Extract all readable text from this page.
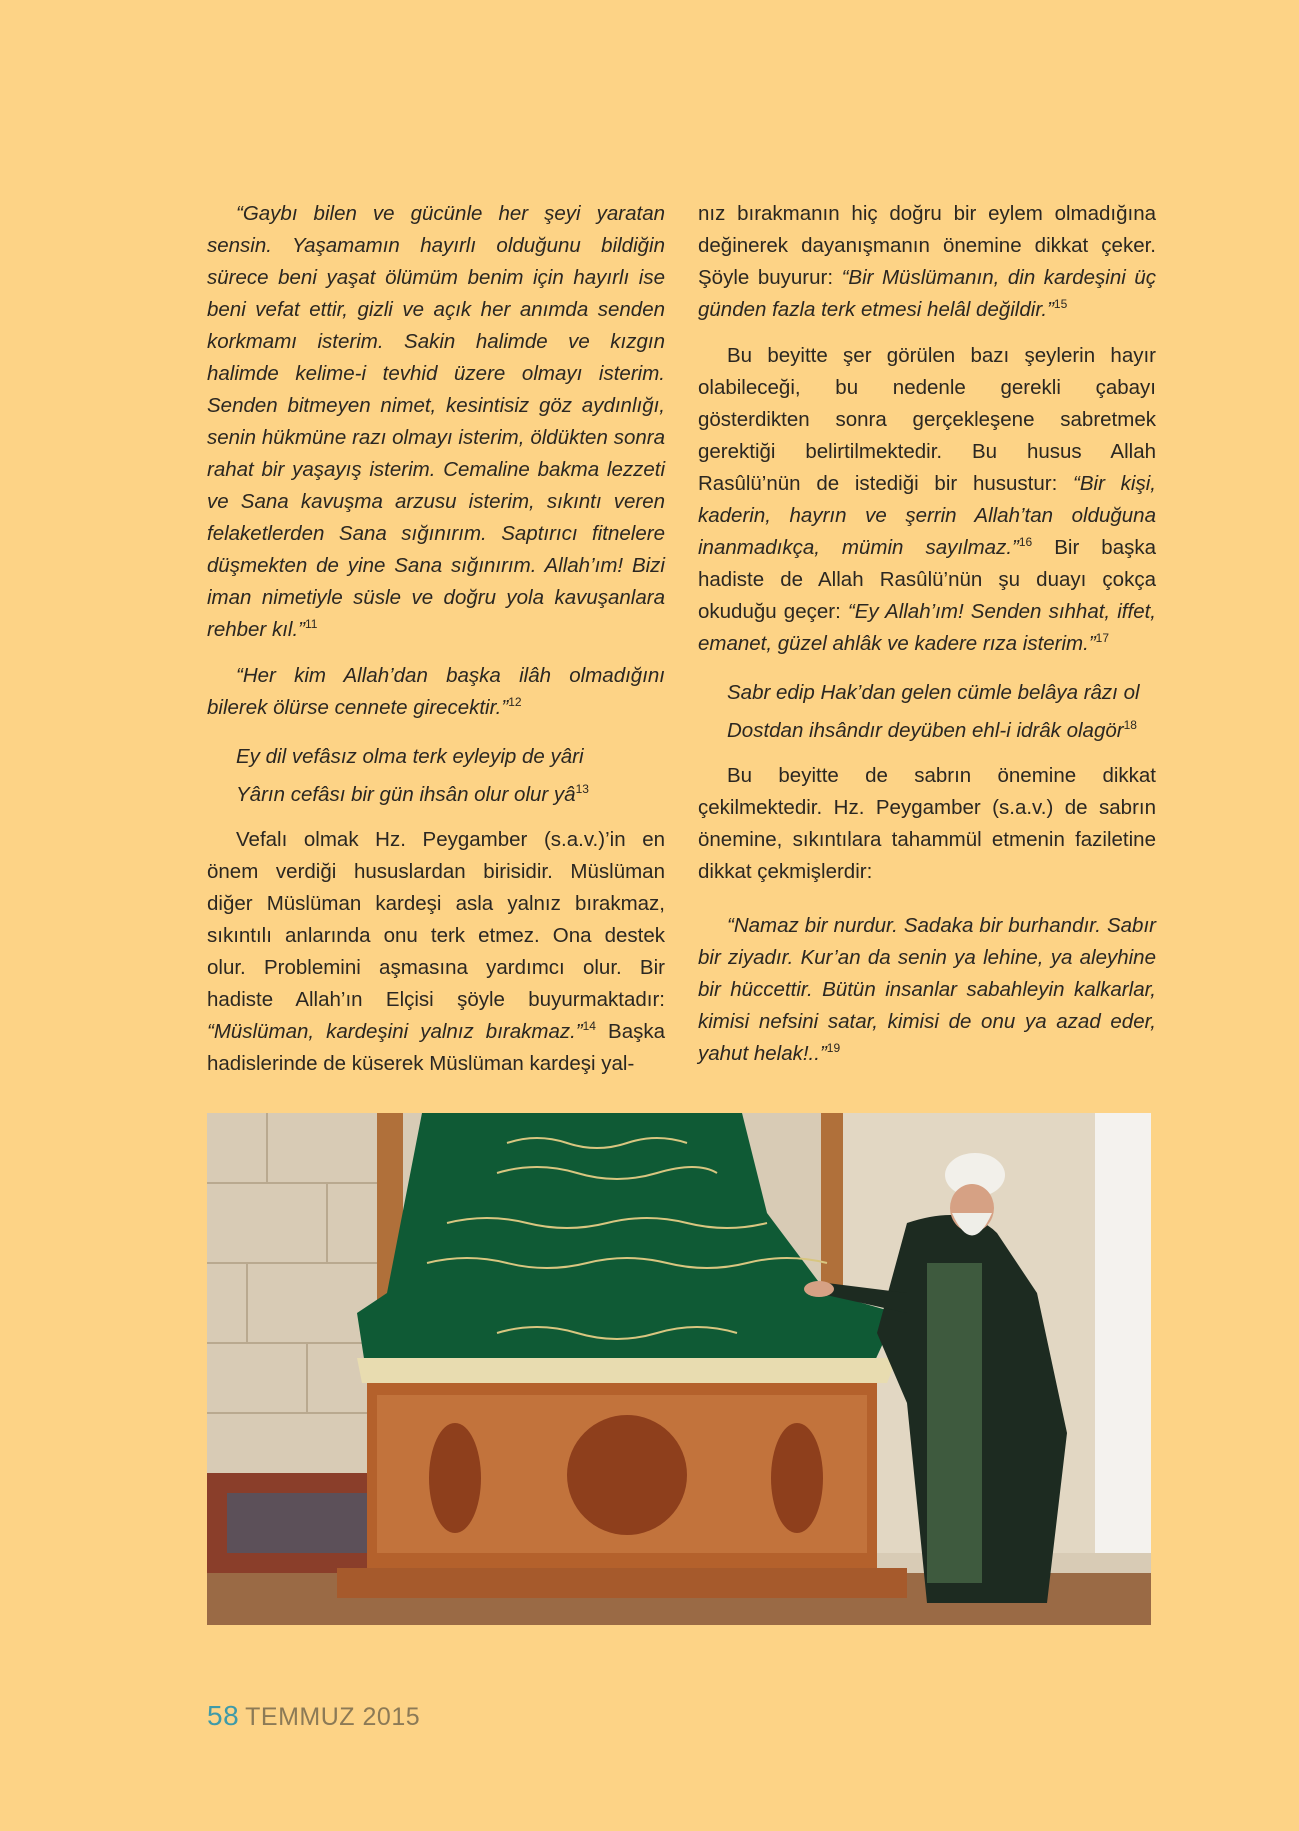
“Gaybı bilen ve gücünle her şeyi yaratan sensin. Yaşamamın hayırlı olduğunu bildiğin sürece beni yaşat ölümüm benim için hayırlı ise beni vefat ettir, gizli ve açık her anımda senden korkmamı isterim. Sakin halimde ve kızgın halimde kelime-i tevhid üzere olmayı isterim. Senden bitmeyen nimet, kesintisiz göz aydınlığı, senin hükmüne razı olmayı isterim, öldükten sonra rahat bir yaşayış isterim. Cemaline bakma lezzeti ve Sana kavuşma arzusu isterim, sıkıntı veren felaketlerden Sana sığınırım. Saptırıcı fitnelere düşmekten de yine Sana sığınırım. Allah’ım! Bizi iman nimetiyle süsle ve doğru yola kavuşanlara rehber kıl.”$^{11}$

“Her kim Allah’dan başka ilâh olmadığını bilerek ölürse cennete girecektir.”$^{12}$

Ey dil vefâsız olma terk eyleyip de yâri
Yârın cefâsı bir gün ihsân olur olur $yâ^{13}$

Vefalı olmak Hz. Peygamber (s.a.v.)’in en önem verdiği hususlardan birisidir. Müslüman diğer Müslüman kardeşi asla yalnız bırakmaz, sıkıntılı anlarında onu terk etmez. Ona destek olur. Problemini aşmasına yardımcı olur. Bir hadiste Allah’ın Elçisi şöyle buyurmaktadır: “Müslüman, kardeşini yalnız bırakmaz.”$^{14}$ Başka hadislerinde de küserek Müslüman kardeşi yal-

nız bırakmanın hiç doğru bir eylem olmadığına değinerek dayanışmanın önemine dikkat çeker. Şöyle buyurur: “Bir Müslümanın, din kardeşini üç günden fazla terk etmesi helâl değildir.”$^{15}$

Bu beyitte şer görülen bazı şeylerin hayır olabileceği, bu nedenle gerekli çabayı gösterdikten sonra gerçekleşene sabretmek gerektiği belirtilmektedir. Bu husus Allah Rasûlü’nün de istediği bir husustur: “Bir kişi, kaderin, hayrın ve şerrin Allah’tan olduğuna inanmadıkça, mümin sayılmaz.”$^{16}$ Bir başka hadiste de Allah Rasûlü’nün şu duayı çokça okuduğu geçer: “Ey Allah’ım! Senden sıhhat, iffet, emanet, güzel ahlâk ve kadere rıza isterim.”$^{17}$

Sabr edip Hak’dan gelen cümle belâya râzı ol
Dostdan ihsândır deyüben ehl-i idrâk olagör$^{18}$

Bu beyitte de sabrın önemine dikkat çekilmektedir. Hz. Peygamber (s.a.v.) de sabrın önemine, sıkıntılara tahammül etmenin faziletine dikkat çekmişlerdir:

“Namaz bir nurdur. Sadaka bir burhandır. Sabır bir ziyadır. Kur’an da senin ya lehine, ya aleyhine bir hüccettir. Bütün insanlar sabahleyin kalkarlar, kimisi nefsini satar, kimisi de onu ya azad eder, yahut helak!..”$^{19}$

58 TEMMUZ 2015
